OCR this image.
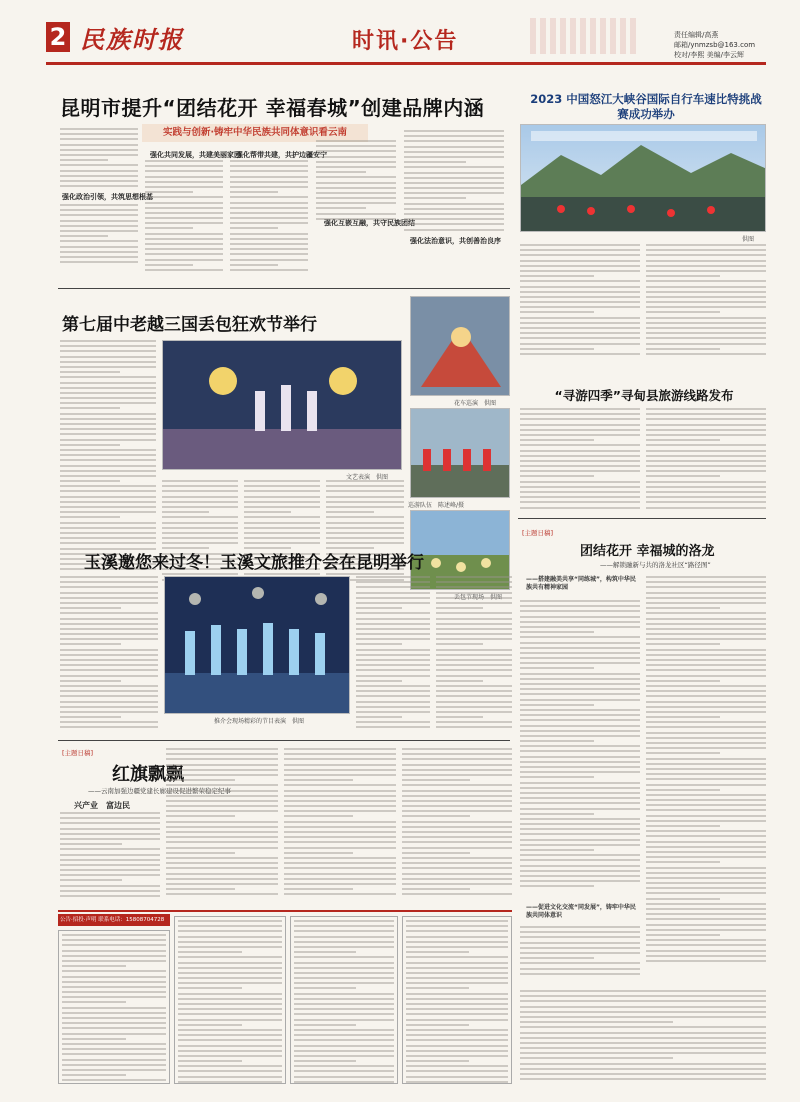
2 民族时报	时讯·公告	责任编辑/高燕
邮箱/ynmzsb@163.com
校对/李熙 美编/李云辉
昆明市提升“团结花开 幸福春城”创建品牌内涵
实践与创新·铸牢中华民族共同体意识看云南
强化政治引领，共筑思想根基
强化共同发展，共建美丽家园
强化帮带共建，共护边疆安宁
强化互嵌互融，共守民族团结
强化法治意识，共创善治良序
2023 中国怒江大峡谷国际自行车速比特挑战赛成功举办
供图
第七届中老越三国丢包狂欢节举行
文艺表演　供图
花车巡演　供图
巡游队伍　陈述峰/摄
丢包节现场　供图
“寻游四季”寻甸县旅游线路发布
玉溪邀您来过冬！玉溪文旅推介会在昆明举行
推介会现场精彩的节目表演　供图
[主题日稿]
团结花开 幸福城的洛龙
——解锁融新与共的洛龙社区“路径图”
——搭建融美共享“同练城”，构筑中华民族共有精神家园
——促进文化交流“同发展”，铸牢中华民族共同体意识
[主题日稿]
红旗飘飘
——云南加强边疆党建长廊建设促进繁荣稳定纪事
兴产业　富边民
公告·招投·声明 联系电话：15808704728
